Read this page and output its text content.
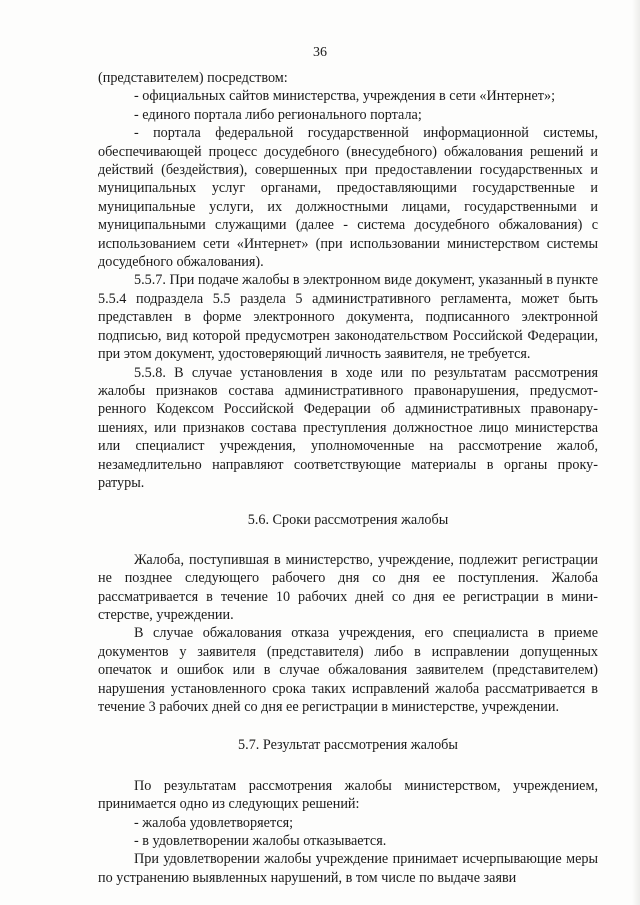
36

(представителем) посредством:

- официальных сайтов министерства, учреждения в сети «Интернет»;

- единого портала либо регионального портала;

- портала федеральной государственной информационной системы, обеспечивающей процесс досудебного (внесудебного) обжалования решений и действий (бездействия), совершенных при предоставлении государственных и муниципальных услуг органами, предоставляющими государственные и муниципальные услуги, их должностными лицами, государственными и муниципальными служащими (далее - система досудебного обжалования) с использованием сети «Интернет» (при использовании министерством системы досудебного обжалования).

5.5.7. При подаче жалобы в электронном виде документ, указанный в пункте 5.5.4 подраздела 5.5 раздела 5 административного регламента, может быть представлен в форме электронного документа, подписанного электронной подписью, вид которой предусмотрен законодательством Российской Федерации, при этом документ, удостоверяющий личность заявителя, не требуется.

5.5.8. В случае установления в ходе или по результатам рассмотрения жалобы признаков состава административного правонарушения, предусмотренного Кодексом Российской Федерации об административных правонарушениях, или признаков состава преступления должностное лицо министерства или специалист учреждения, уполномоченные на рассмотрение жалоб, незамедлительно направляют соответствующие материалы в органы прокуратуры.

5.6. Сроки рассмотрения жалобы

Жалоба, поступившая в министерство, учреждение, подлежит регистрации не позднее следующего рабочего дня со дня ее поступления. Жалоба рассматривается в течение 10 рабочих дней со дня ее регистрации в министерстве, учреждении.

В случае обжалования отказа учреждения, его специалиста в приеме документов у заявителя (представителя) либо в исправлении допущенных опечаток и ошибок или в случае обжалования заявителем (представителем) нарушения установленного срока таких исправлений жалоба рассматривается в течение 3 рабочих дней со дня ее регистрации в министерстве, учреждении.

5.7. Результат рассмотрения жалобы

По результатам рассмотрения жалобы министерством, учреждением, принимается одно из следующих решений:

- жалоба удовлетворяется;

- в удовлетворении жалобы отказывается.

При удовлетворении жалобы учреждение принимает исчерпывающие меры по устранению выявленных нарушений, в том числе по выдаче заяви
